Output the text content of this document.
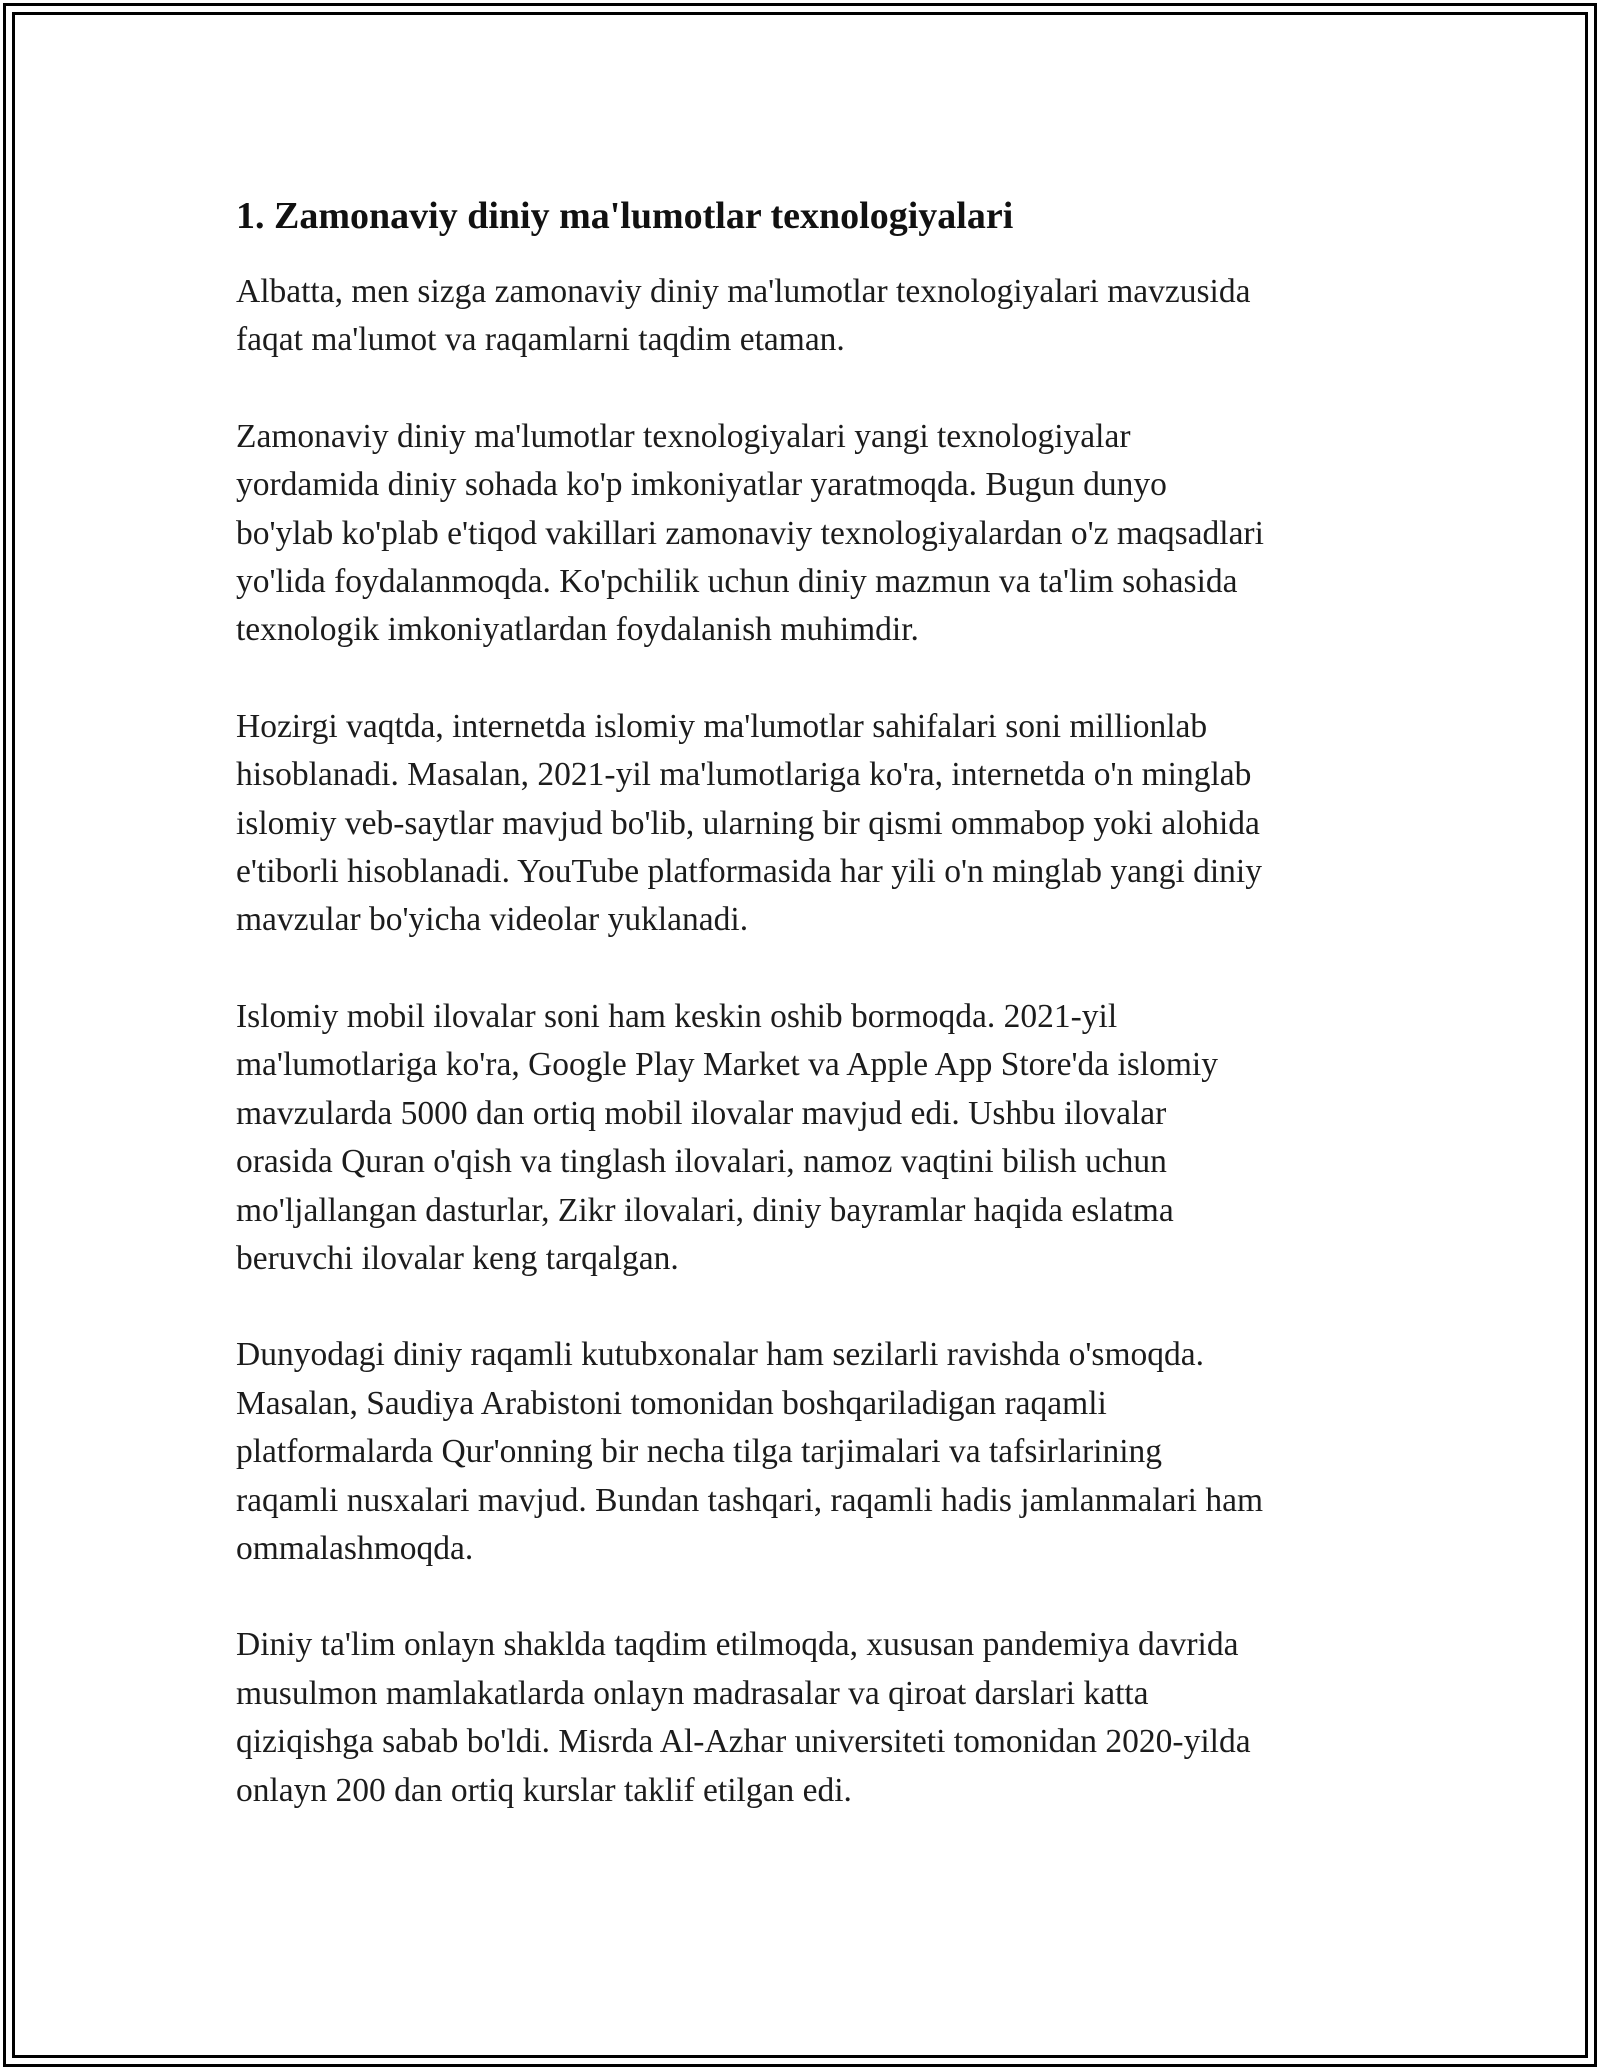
1. Zamonaviy diniy ma'lumotlar texnologiyalari

Albatta, men sizga zamonaviy diniy ma'lumotlar texnologiyalari mavzusida
faqat ma'lumot va raqamlarni taqdim etaman.

Zamonaviy diniy ma'lumotlar texnologiyalari yangi texnologiyalar
yordamida diniy sohada ko'p imkoniyatlar yaratmoqda. Bugun dunyo
bo'ylab ko'plab e'tiqod vakillari zamonaviy texnologiyalardan o'z maqsadlari
yo'lida foydalanmoqda. Ko'pchilik uchun diniy mazmun va ta'lim sohasida
texnologik imkoniyatlardan foydalanish muhimdir.

Hozirgi vaqtda, internetda islomiy ma'lumotlar sahifalari soni millionlab
hisoblanadi. Masalan, 2021-yil ma'lumotlariga ko'ra, internetda o'n minglab
islomiy veb-saytlar mavjud bo'lib, ularning bir qismi ommabop yoki alohida
e'tiborli hisoblanadi. YouTube platformasida har yili o'n minglab yangi diniy
mavzular bo'yicha videolar yuklanadi.

Islomiy mobil ilovalar soni ham keskin oshib bormoqda. 2021-yil
ma'lumotlariga ko'ra, Google Play Market va Apple App Store'da islomiy
mavzularda 5000 dan ortiq mobil ilovalar mavjud edi. Ushbu ilovalar
orasida Quran o'qish va tinglash ilovalari, namoz vaqtini bilish uchun
mo'ljallangan dasturlar, Zikr ilovalari, diniy bayramlar haqida eslatma
beruvchi ilovalar keng tarqalgan.

Dunyodagi diniy raqamli kutubxonalar ham sezilarli ravishda o'smoqda.
Masalan, Saudiya Arabistoni tomonidan boshqariladigan raqamli
platformalarda Qur'onning bir necha tilga tarjimalari va tafsirlarining
raqamli nusxalari mavjud. Bundan tashqari, raqamli hadis jamlanmalari ham
ommalashmoqda.

Diniy ta'lim onlayn shaklda taqdim etilmoqda, xususan pandemiya davrida
musulmon mamlakatlarda onlayn madrasalar va qiroat darslari katta
qiziqishga sabab bo'ldi. Misrda Al-Azhar universiteti tomonidan 2020-yilda
onlayn 200 dan ortiq kurslar taklif etilgan edi.
